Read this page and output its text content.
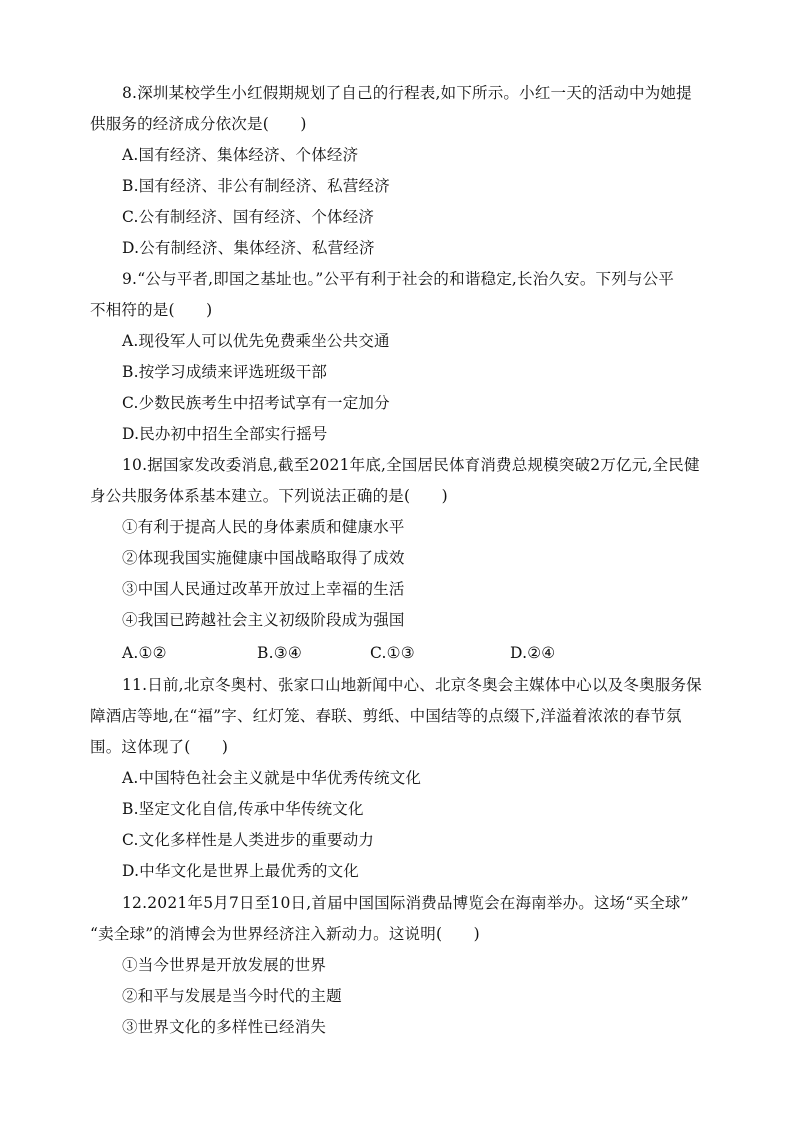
8.深圳某校学生小红假期规划了自己的行程表,如下所示。小红一天的活动中为她提
供服务的经济成分依次是(　　)
A.国有经济、集体经济、个体经济
B.国有经济、非公有制经济、私营经济
C.公有制经济、国有经济、个体经济
D.公有制经济、集体经济、私营经济
9.“公与平者,即国之基址也。”公平有利于社会的和谐稳定,长治久安。下列与公平
不相符的是(　　)
A.现役军人可以优先免费乘坐公共交通
B.按学习成绩来评选班级干部
C.少数民族考生中招考试享有一定加分
D.民办初中招生全部实行摇号
10.据国家发改委消息,截至2021年底,全国居民体育消费总规模突破2万亿元,全民健
身公共服务体系基本建立。下列说法正确的是(　　)
①有利于提高人民的身体素质和健康水平
②体现我国实施健康中国战略取得了成效
③中国人民通过改革开放过上幸福的生活
④我国已跨越社会主义初级阶段成为强国
A.①②	B.③④	C.①③	D.②④
11.日前,北京冬奥村、张家口山地新闻中心、北京冬奥会主媒体中心以及冬奥服务保
障酒店等地,在“福”字、红灯笼、春联、剪纸、中国结等的点缀下,洋溢着浓浓的春节氛
围。这体现了(　　)
A.中国特色社会主义就是中华优秀传统文化
B.坚定文化自信,传承中华传统文化
C.文化多样性是人类进步的重要动力
D.中华文化是世界上最优秀的文化
12.2021年5月7日至10日,首届中国国际消费品博览会在海南举办。这场“买全球”
“卖全球”的消博会为世界经济注入新动力。这说明(　　)
①当今世界是开放发展的世界
②和平与发展是当今时代的主题
③世界文化的多样性已经消失
